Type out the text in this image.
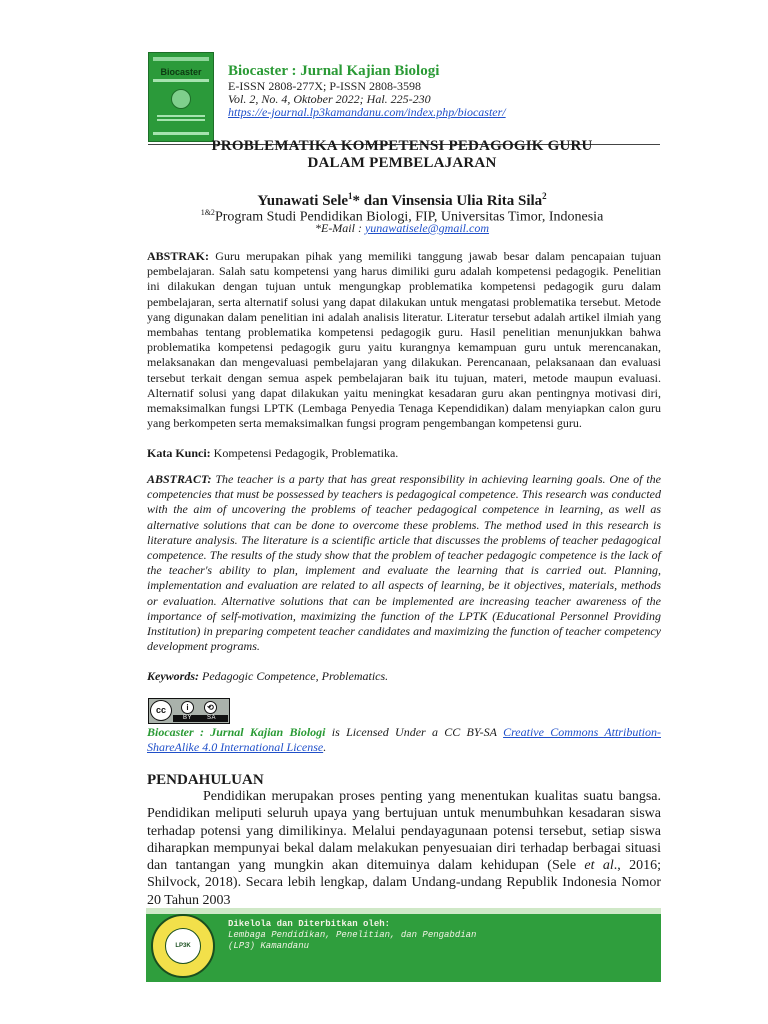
Biocaster	Biocaster : Jurnal Kajian Biologi
E-ISSN 2808-277X; P-ISSN 2808-3598
Vol. 2, No. 4, Oktober 2022; Hal. 225-230
https://e-journal.lp3kamandanu.com/index.php/biocaster/
PROBLEMATIKA KOMPETENSI PEDAGOGIK GURU
DALAM PEMBELAJARAN
Yunawati Sele$^1$* dan Vinsensia Ulia Rita Sila$^2$
$^{1\&2}$Program Studi Pendidikan Biologi, FIP, Universitas Timor, Indonesia
*E-Mail : yunawatisele@gmail.com
ABSTRAK: Guru merupakan pihak yang memiliki tanggung jawab besar dalam pencapaian tujuan pembelajaran. Salah satu kompetensi yang harus dimiliki guru adalah kompetensi pedagogik. Penelitian ini dilakukan dengan tujuan untuk mengungkap problematika kompetensi pedagogik guru dalam pembelajaran, serta alternatif solusi yang dapat dilakukan untuk mengatasi problematika tersebut. Metode yang digunakan dalam penelitian ini adalah analisis literatur. Literatur tersebut adalah artikel ilmiah yang membahas tentang problematika kompetensi pedagogik guru. Hasil penelitian menunjukkan bahwa problematika kompetensi pedagogik guru yaitu kurangnya kemampuan guru untuk merencanakan, melaksanakan dan mengevaluasi pembelajaran yang dilakukan. Perencanaan, pelaksanaan dan evaluasi tersebut terkait dengan semua aspek pembelajaran baik itu tujuan, materi, metode maupun evaluasi. Alternatif solusi yang dapat dilakukan yaitu meningkat kesadaran guru akan pentingnya motivasi diri, memaksimalkan fungsi LPTK (Lembaga Penyedia Tenaga Kependidikan) dalam menyiapkan calon guru yang berkompeten serta memaksimalkan fungsi program pengembangan kompetensi guru.
Kata Kunci: Kompetensi Pedagogik, Problematika.
ABSTRACT: The teacher is a party that has great responsibility in achieving learning goals. One of the competencies that must be possessed by teachers is pedagogical competence. This research was conducted with the aim of uncovering the problems of teacher pedagogical competence in learning, as well as alternative solutions that can be done to overcome these problems. The method used in this research is literature analysis. The literature is a scientific article that discusses the problems of teacher pedagogical competence. The results of the study show that the problem of teacher pedagogic competence is the lack of the teacher's ability to plan, implement and evaluate the learning that is carried out. Planning, implementation and evaluation are related to all aspects of learning, be it objectives, materials, methods or evaluation. Alternative solutions that can be implemented are increasing teacher awareness of the importance of self-motivation, maximizing the function of the LPTK (Educational Personnel Providing Institution) in preparing competent teacher candidates and maximizing the function of teacher competency development programs.
Keywords: Pedagogic Competence, Problematics.
cc	i	⟲
BY SA
Biocaster : Jurnal Kajian Biologi is Licensed Under a CC BY-SA Creative Commons Attribution-ShareAlike 4.0 International License.
PENDAHULUAN
Pendidikan merupakan proses penting yang menentukan kualitas suatu bangsa. Pendidikan meliputi seluruh upaya yang bertujuan untuk menumbuhkan kesadaran siswa terhadap potensi yang dimilikinya. Melalui pendayagunaan potensi tersebut, setiap siswa diharapkan mempunyai bekal dalam melakukan penyesuaian diri terhadap berbagai situasi dan tantangan yang mungkin akan ditemuinya dalam kehidupan (Sele et al., 2016; Shilvock, 2018). Secara lebih lengkap, dalam Undang-undang Republik Indonesia Nomor 20 Tahun 2003
LP3K
Dikelola dan Diterbitkan oleh:
Lembaga Pendidikan, Penelitian, dan Pengabdian
(LP3) Kamandanu
